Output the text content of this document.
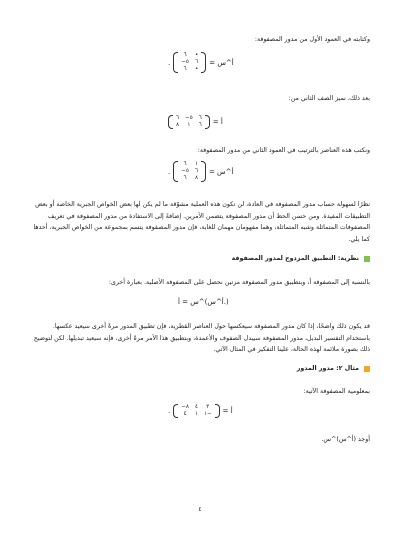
وكتابته في العمود الأول من مدور المصفوفة:

.
٦	•
٥−	٦
٦	•
أ^س =

بعد ذلك، نميز الصف الثاني من:

٦	٥−	٦
٨	١	٦ أ =

ونكتب هذه العناصر بالترتيب في العمود الثاني من مدور المصفوفة:

.
٦	١
٥−	٦
٦	٨
أ^س =

نظرًا لسهولة حساب مدور المصفوفة في العادة، لن تكون هذه العملية مشوّقة ما لم يكن لها بعض الخواص الجبرية الخاصة أو بعض التطبيقات المفيدة. ومن حسن الحظ أن مدور المصفوفة يتضمن الأمرين. إضافةً إلى الاستفادة من مدور المصفوفة في تعريف المصفوفات المتماثلة وشبه المتماثلة، وهما مفهومان مهمان للغاية، فإن مدور المصفوفة يتسم بمجموعة من الخواص الجبرية، أحدها كما يلي.

نظرية: التطبيق المزدوج لمدور المصفوفة

بالنسبة إلى المصفوفة أ، وبتطبيق مدور المصفوفة مرتين نحصل على المصفوفة الأصلية. بعبارة أخرى:

أ^س)^س = أ.)

قد يكون ذلك واضحًا، إذا كان مدور المصفوفة سيعكسها حول العناصر القطرية، فإن تطبيق المدور مرةً أخرى سيعيد عكسها. باستخدام التفسير البديل، مدور المصفوفة سيبدل الصفوف والأعمدة، وبتطبيق هذا الأمر مرةً أخرى، فإنه سيعيد تبديلها. لكن لتوضيح ذلك بصورة ملائمة لهذه الحالة، علينا التفكير في المثال الآتي.

مثال ٢: مدور المدور

بمعلومية المصفوفة الآتية:

. ٨−	٤	٣
٤	١	−١ أ =

أوجد (أ^س)^س.

٤
